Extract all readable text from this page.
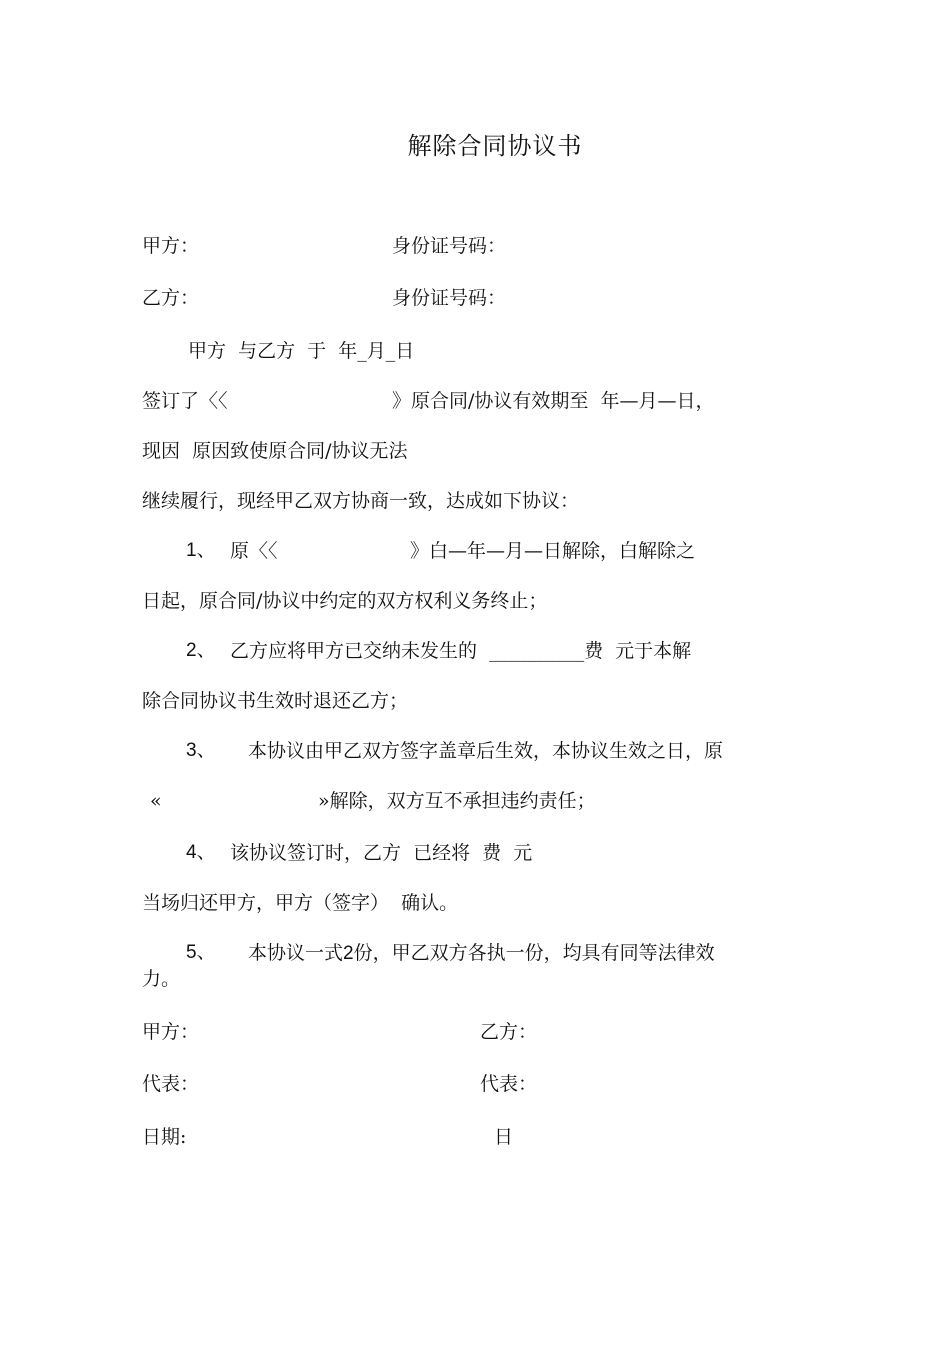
解除合同协议书
甲方：	身份证号码：
乙方：	身份证号码：
甲方  与乙方  于  年_月_日
签订了〈〈	》原合同/协议有效期至  年—月—日，
现因  原因致使原合同/协议无法
继续履行，现经甲乙双方协商一致，达成如下协议：
1、 原〈〈	》白—年—月—日解除，白解除之
日起，原合同/协议中约定的双方权利义务终止；
2、 乙方应将甲方已交纳未发生的  __________费  元于本解
除合同协议书生效时退还乙方；
3、 本协议由甲乙双方签字盖章后生效，本协议生效之日，原
«	»解除，双方互不承担违约责任；
4、 该协议签订时，乙方  已经将  费  元
当场归还甲方，甲方（签字）  确认。
5、 本协议一式2份，甲乙双方各执一份，均具有同等法律效
力。
甲方：	乙方：
代表：	代表：
日期:	日
